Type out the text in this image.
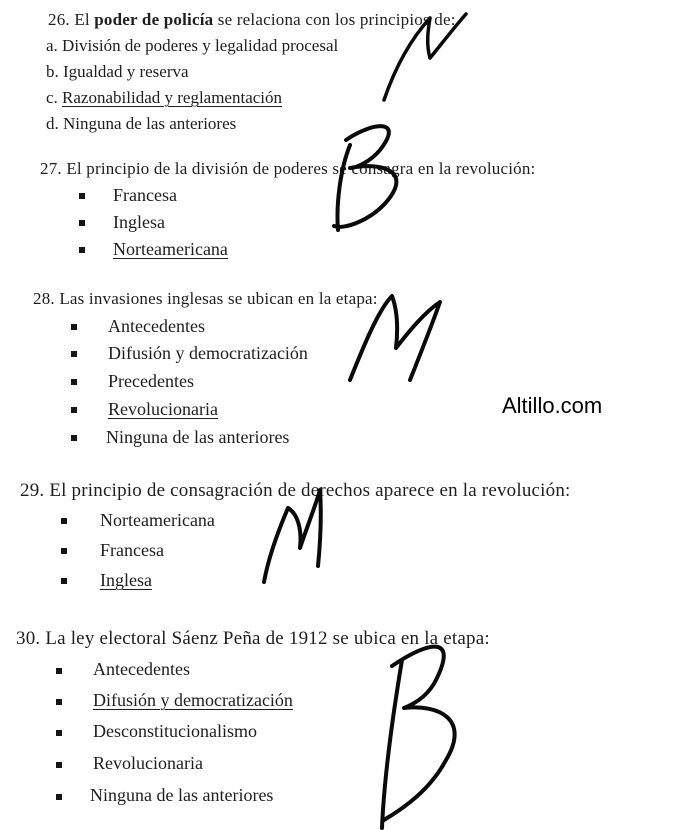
26. El poder de policía se relaciona con los principios de:
a. División de poderes y legalidad procesal
b. Igualdad y reserva
c. Razonabilidad y reglamentación
d. Ninguna de las anteriores
27. El principio de la división de poderes se consagra en la revolución:
Francesa
Inglesa
Norteamericana
28. Las invasiones inglesas se ubican en la etapa:
Antecedentes
Difusión y democratización
Precedentes
Revolucionaria
Ninguna de las anteriores
Altillo.com
29. El principio de consagración de derechos aparece en la revolución:
Norteamericana
Francesa
Inglesa
30. La ley electoral Sáenz Peña de 1912 se ubica en la etapa:
Antecedentes
Difusión y democratización
Desconstitucionalismo
Revolucionaria
Ninguna de las anteriores
